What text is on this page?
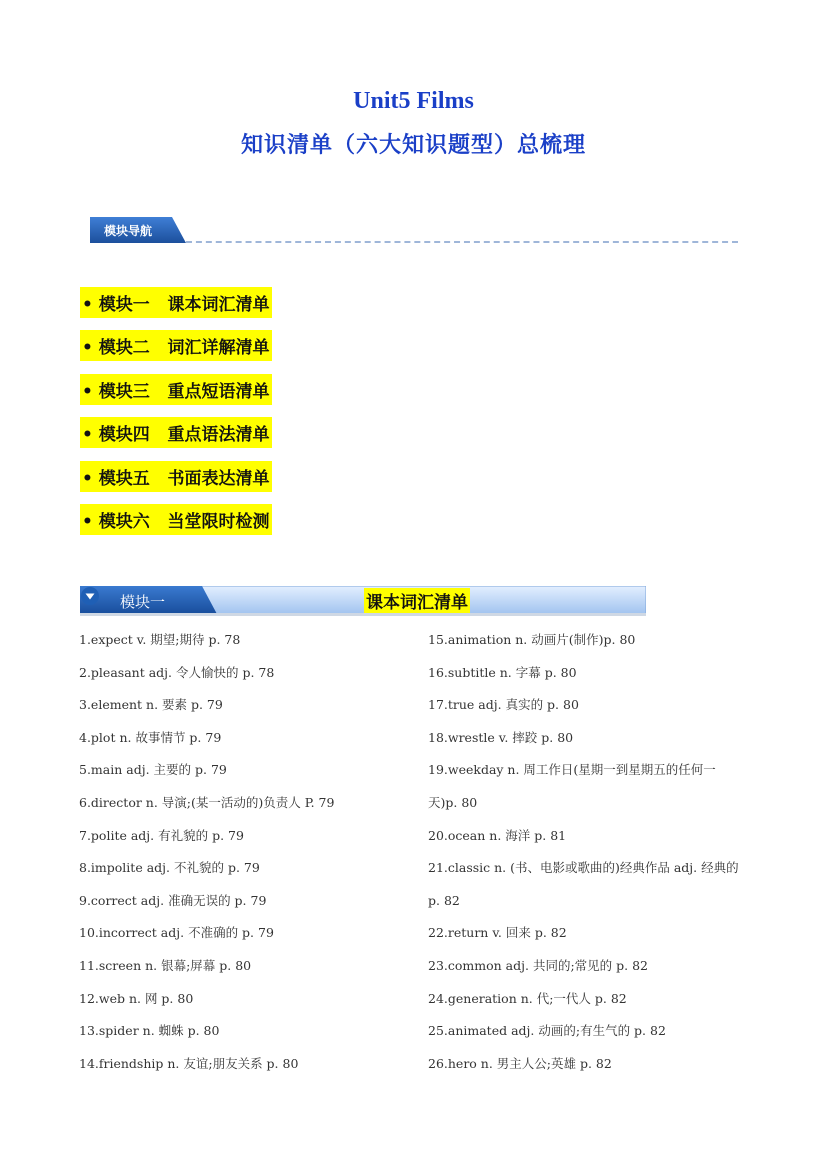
Unit5 Films
知识清单（六大知识题型）总梳理
模块导航
• 模块一   课本词汇清单
• 模块二   词汇详解清单
• 模块三   重点短语清单
• 模块四   重点语法清单
• 模块五   书面表达清单
• 模块六   当堂限时检测
模块一	课本词汇清单
1.expect v. 期望;期待 p. 78
2.pleasant adj. 令人愉快的 p. 78
3.element n. 要素 p. 79
4.plot n. 故事情节 p. 79
5.main adj. 主要的 p. 79
6.director n. 导演;(某一活动的)负责人 P. 79
7.polite adj. 有礼貌的 p. 79
8.impolite adj. 不礼貌的 p. 79
9.correct adj. 准确无误的 p. 79
10.incorrect adj. 不准确的 p. 79
11.screen n. 银幕;屏幕 p. 80
12.web n. 网 p. 80
13.spider n. 蜘蛛 p. 80
14.friendship n. 友谊;朋友关系 p. 80
15.animation n. 动画片(制作)p. 80
16.subtitle n. 字幕 p. 80
17.true adj. 真实的 p. 80
18.wrestle v. 摔跤 p. 80
19.weekday n. 周工作日(星期一到星期五的任何一
天)p. 80
20.ocean n. 海洋 p. 81
21.classic n. (书、电影或歌曲的)经典作品 adj. 经典的
p. 82
22.return v. 回来 p. 82
23.common adj. 共同的;常见的 p. 82
24.generation n. 代;一代人 p. 82
25.animated adj. 动画的;有生气的 p. 82
26.hero n. 男主人公;英雄 p. 82
